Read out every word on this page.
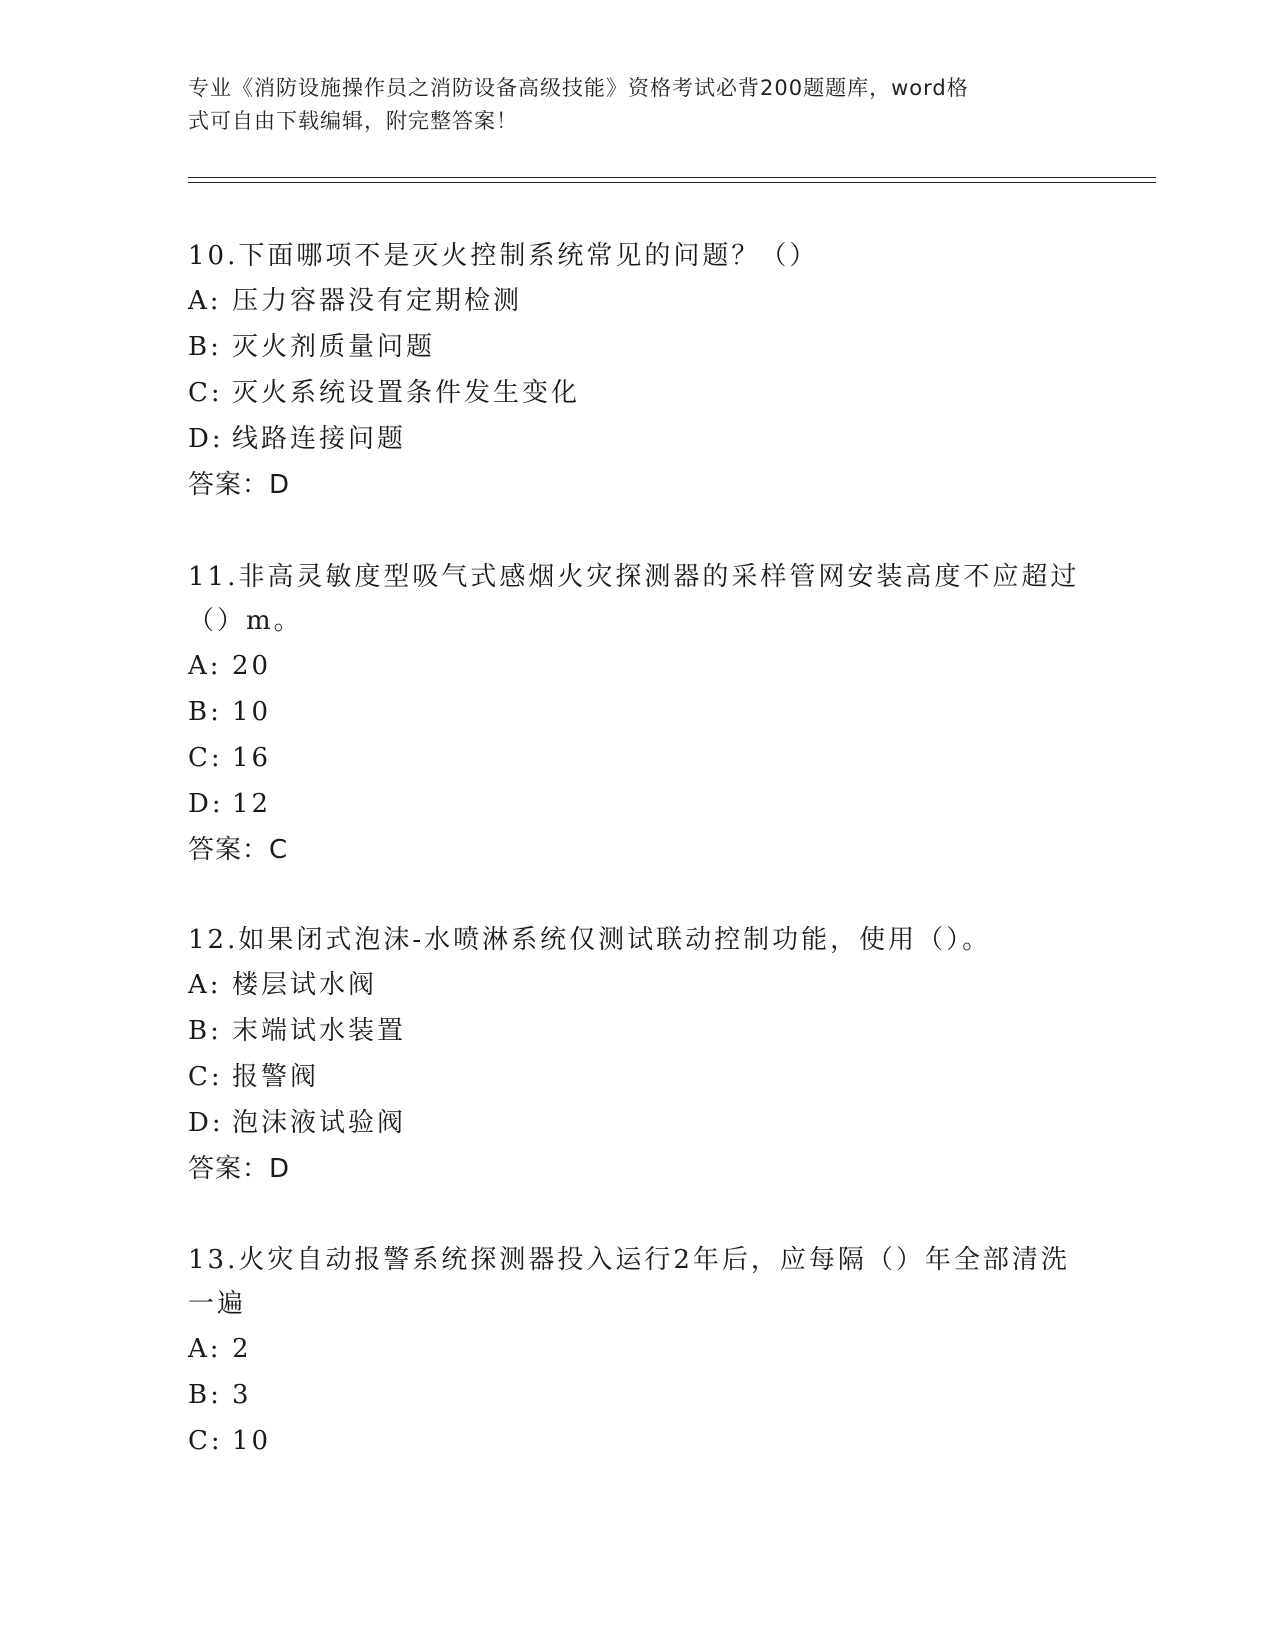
专业《消防设施操作员之消防设备高级技能》资格考试必背200题题库，word格
式可自由下载编辑，附完整答案！

10.下面哪项不是灭火控制系统常见的问题？（）

A: 压力容器没有定期检测

B: 灭火剂质量问题

C: 灭火系统设置条件发生变化

D: 线路连接问题

答案：D

11.非高灵敏度型吸气式感烟火灾探测器的采样管网安装高度不应超过

（）m。

A: 20

B: 10

C: 16

D: 12

答案：C

12.如果闭式泡沫-水喷淋系统仅测试联动控制功能，使用（）。

A: 楼层试水阀

B: 末端试水装置

C: 报警阀

D: 泡沫液试验阀

答案：D

13.火灾自动报警系统探测器投入运行2年后，应每隔（）年全部清洗

一遍

A: 2

B: 3

C: 10
